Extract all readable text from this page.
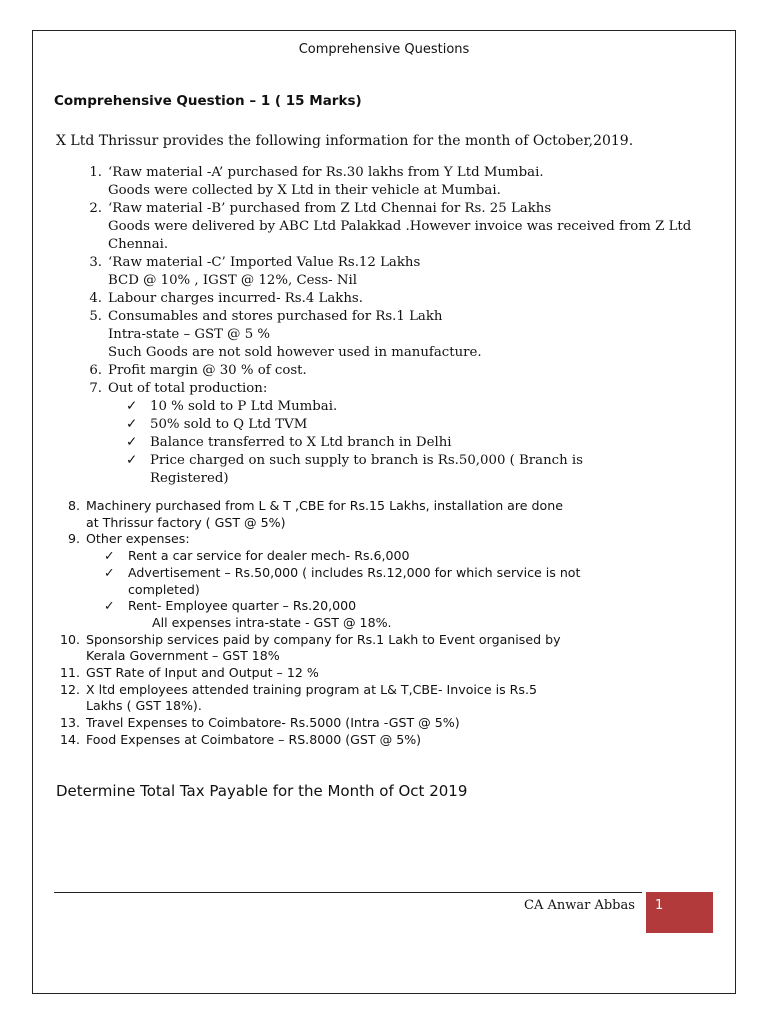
Comprehensive Questions
Comprehensive Question – 1 ( 15 Marks)
X Ltd Thrissur provides the following information for the month of October,2019.
1. ‘Raw material -A’ purchased for Rs.30 lakhs from Y Ltd Mumbai.
Goods were collected by X Ltd in their vehicle at Mumbai.
2. ‘Raw material -B’ purchased from Z Ltd Chennai for Rs. 25 Lakhs
Goods were delivered by ABC Ltd Palakkad .However invoice was received from Z Ltd Chennai.
3. ‘Raw material -C’ Imported Value Rs.12 Lakhs
BCD @ 10% , IGST @ 12%, Cess- Nil
4. Labour charges incurred- Rs.4 Lakhs.
5. Consumables and stores purchased for Rs.1 Lakh
Intra-state – GST @ 5 %
Such Goods are not sold however used in manufacture.
6. Profit margin @ 30 % of cost.
7. Out of total production:
✓ 10 % sold to P Ltd Mumbai.
✓ 50% sold to Q Ltd TVM
✓ Balance transferred to X Ltd branch in Delhi
✓ Price charged on such supply to branch is Rs.50,000 ( Branch is Registered)
8. Machinery purchased from L & T ,CBE for Rs.15 Lakhs, installation are done
at Thrissur factory ( GST @ 5%)
9. Other expenses:
✓	Rent a car service for dealer mech- Rs.6,000
✓	Advertisement – Rs.50,000 ( includes Rs.12,000 for which service is not completed)
✓	Rent- Employee quarter – Rs.20,000
All expenses intra-state - GST @ 18%.
10. Sponsorship services paid by company for Rs.1 Lakh to Event organised by
Kerala Government – GST 18%
11. GST Rate of Input and Output – 12 %
12. X ltd employees attended training program at L& T,CBE- Invoice is Rs.5
Lakhs ( GST 18%).
13. Travel Expenses to Coimbatore- Rs.5000 (Intra -GST @ 5%)
14. Food Expenses at Coimbatore – RS.8000 (GST @ 5%)
Determine Total Tax Payable for the Month of Oct 2019
CA Anwar Abbas	1
